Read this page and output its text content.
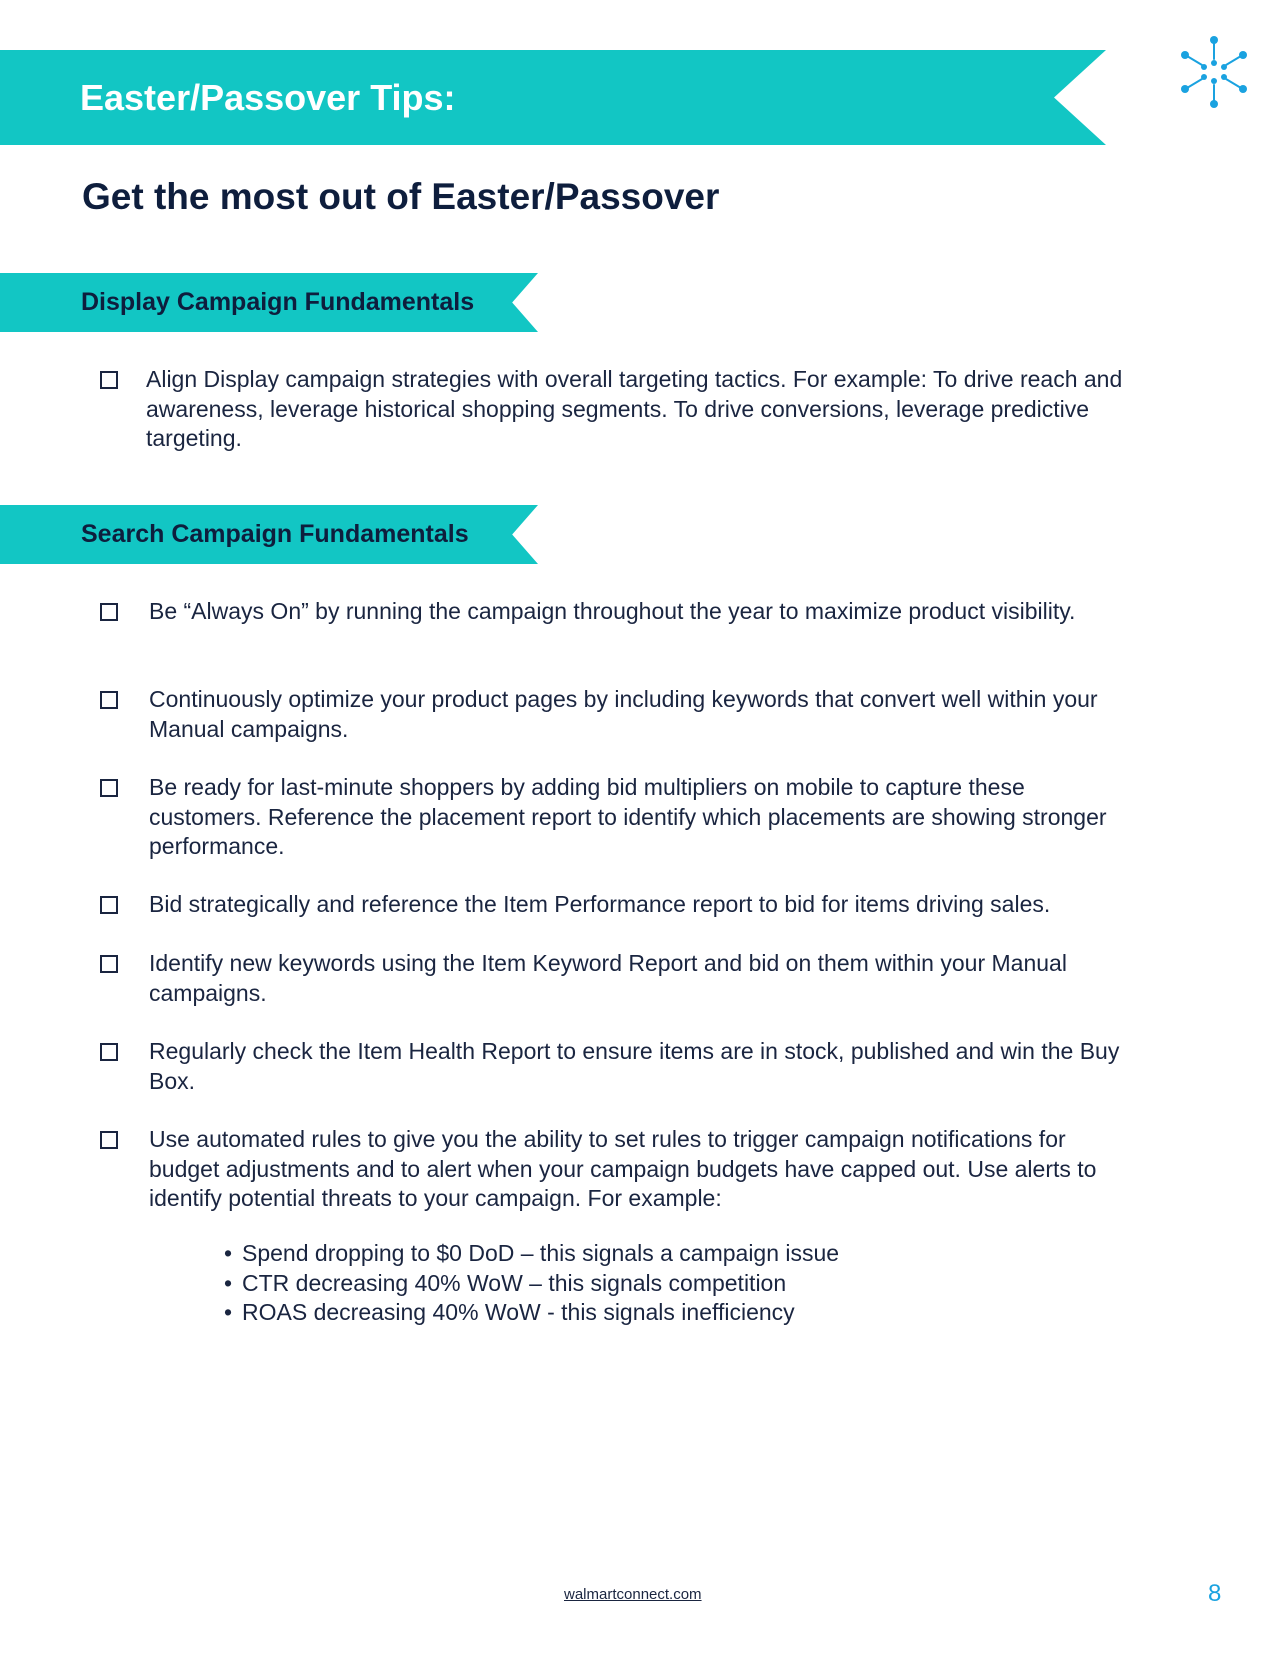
Easter/Passover Tips:
Get the most out of Easter/Passover
Display Campaign Fundamentals

Align Display campaign strategies with overall targeting tactics. For example: To drive reach and awareness, leverage historical shopping segments. To drive conversions, leverage predictive targeting.

Search Campaign Fundamentals

Be “Always On” by running the campaign throughout the year to maximize product visibility.

Continuously optimize your product pages by including keywords that convert well within your Manual campaigns.

Be ready for last-minute shoppers by adding bid multipliers on mobile to capture these customers. Reference the placement report to identify which placements are showing stronger performance.

Bid strategically and reference the Item Performance report to bid for items driving sales.

Identify new keywords using the Item Keyword Report and bid on them within your Manual campaigns.

Regularly check the Item Health Report to ensure items are in stock, published and win the Buy Box.

Use automated rules to give you the ability to set rules to trigger campaign notifications for budget adjustments and to alert when your campaign budgets have capped out. Use alerts to identify potential threats to your campaign. For example:

• Spend dropping to $0 DoD – this signals a campaign issue
• CTR decreasing 40% WoW – this signals competition
• ROAS decreasing 40% WoW - this signals inefficiency
walmartconnect.com	8
